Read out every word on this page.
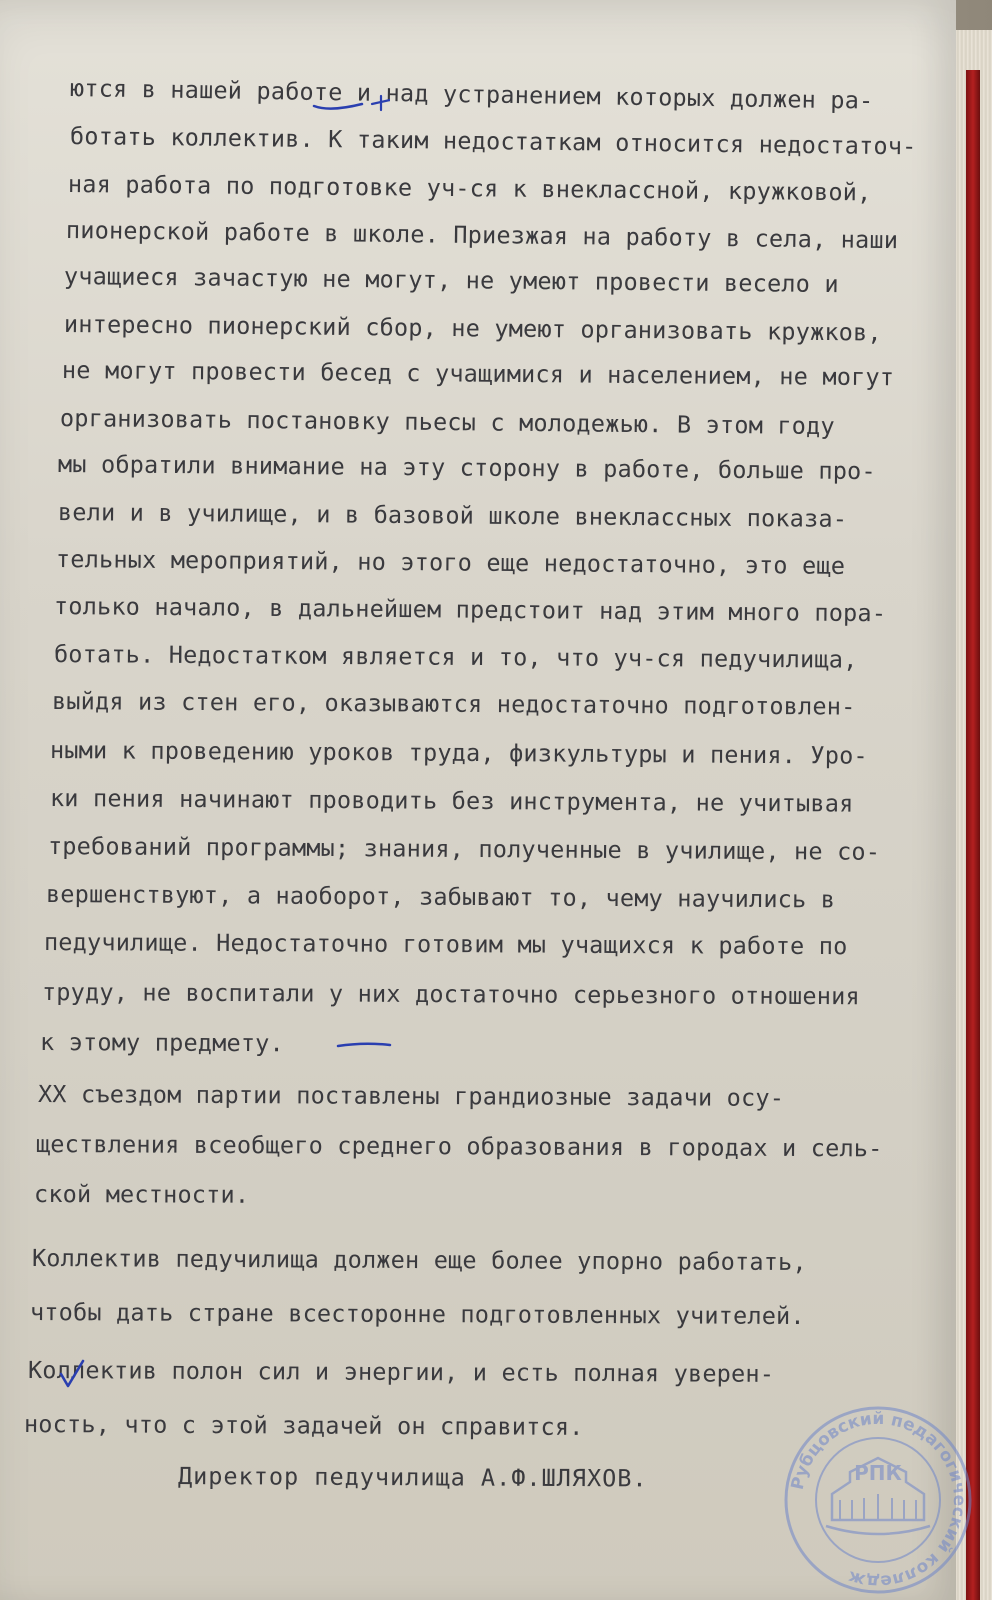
ются в нашей работе и над устранением которых должен ра-
ботать коллектив. К таким недостаткам относится недостаточ-
ная работа по подготовке уч-ся к внеклассной, кружковой,
пионерской работе в школе. Приезжая на работу в села, наши
учащиеся зачастую не могут, не умеют провести весело и
интересно пионерский сбор, не умеют организовать кружков,
не могут провести бесед с учащимися и населением, не могут
организовать постановку пьесы с молодежью. В этом году
мы обратили внимание на эту сторону в работе, больше про-
вели и в училище, и в базовой школе внеклассных показа-
тельных мероприятий, но этого еще недостаточно, это еще
только начало, в дальнейшем предстоит над этим много пора-
ботать. Недостатком является и то, что уч-ся педучилища,
выйдя из стен его, оказываются недостаточно подготовлен-
ными к проведению уроков труда, физкультуры и пения. Уро-
ки пения начинают проводить без инструмента, не учитывая
требований программы; знания, полученные в училище, не со-
вершенствуют, а наоборот, забывают то, чему научились в
педучилище. Недостаточно готовим мы учащихся к работе по
труду, не воспитали у них достаточно серьезного отношения
к этому предмету.
XX съездом партии поставлены грандиозные задачи осу-
ществления всеобщего среднего образования в городах и сель-
ской местности.
Коллектив педучилища должен еще более упорно работать,
чтобы дать стране всесторонне подготовленных учителей.
Коллектив полон сил и энергии, и есть полная уверен-
ность, что с этой задачей он справится.
Директор педучилища А.Ф.ШЛЯХОВ.	Рубцовский педагогический колледж
РПК
